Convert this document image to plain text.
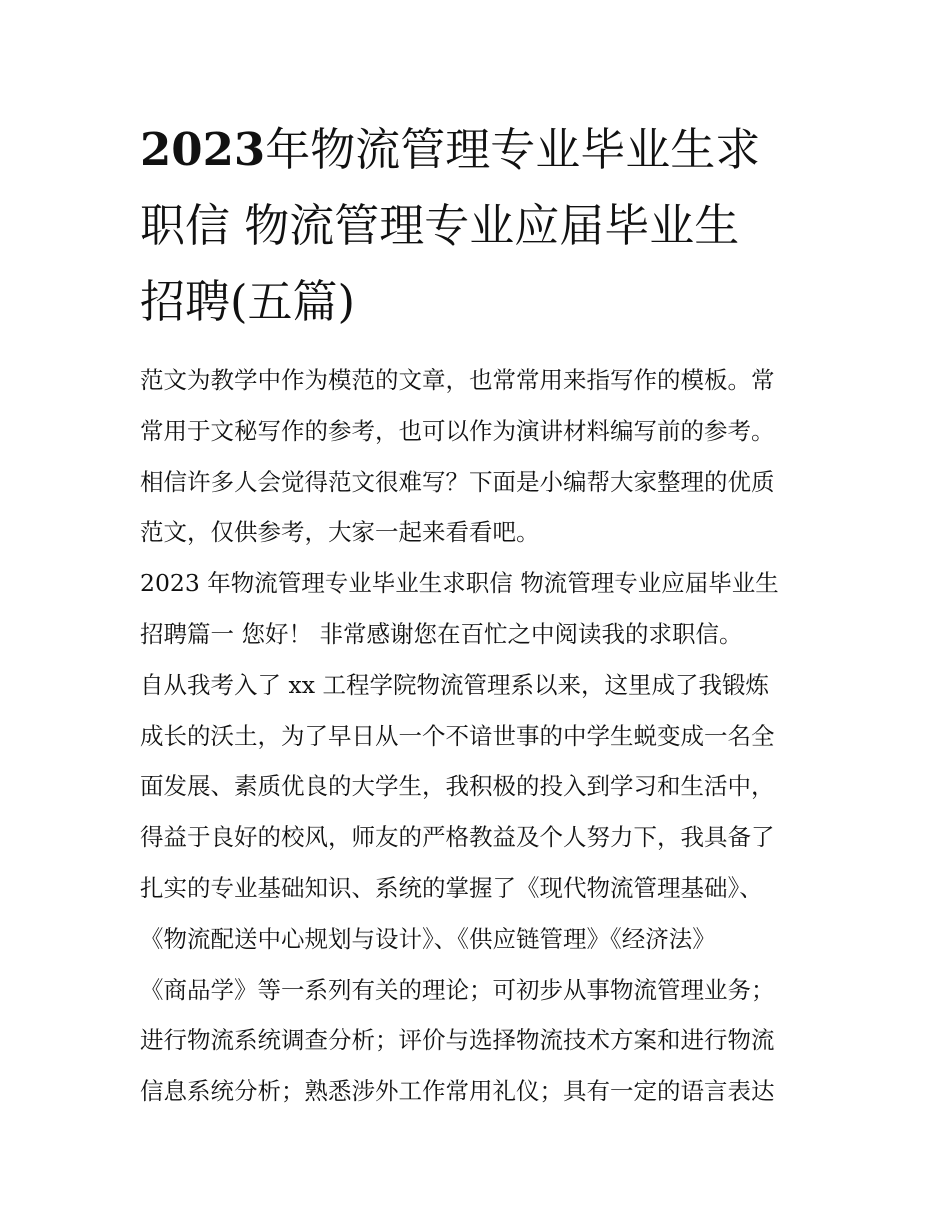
2023年物流管理专业毕业生求
职信 物流管理专业应届毕业生
招聘(五篇)
范文为教学中作为模范的文章，也常常用来指写作的模板。常
常用于文秘写作的参考，也可以作为演讲材料编写前的参考。
相信许多人会觉得范文很难写？下面是小编帮大家整理的优质
范文，仅供参考，大家一起来看看吧。
2023 年物流管理专业毕业生求职信 物流管理专业应届毕业生
招聘篇一 您好！ 非常感谢您在百忙之中阅读我的求职信。
自从我考入了 xx 工程学院物流管理系以来，这里成了我锻炼
成长的沃土，为了早日从一个不谙世事的中学生蜕变成一名全
面发展、素质优良的大学生，我积极的投入到学习和生活中，
得益于良好的校风，师友的严格教益及个人努力下，我具备了
扎实的专业基础知识、系统的掌握了《现代物流管理基础》、
《物流配送中心规划与设计》、《供应链管理》《经济法》
《商品学》等一系列有关的理论；可初步从事物流管理业务；
进行物流系统调查分析；评价与选择物流技术方案和进行物流
信息系统分析；熟悉涉外工作常用礼仪；具有一定的语言表达
